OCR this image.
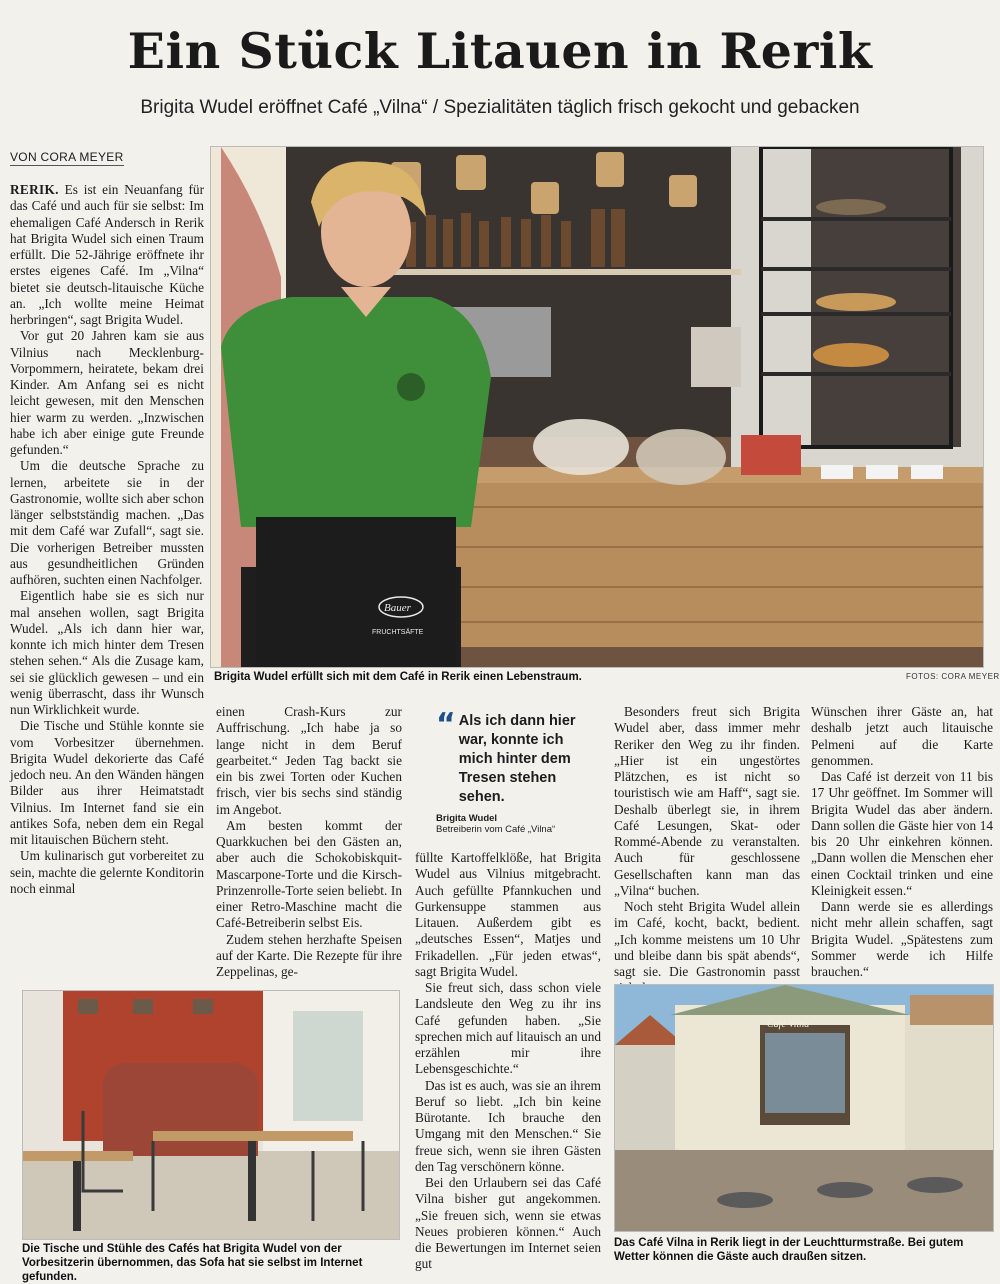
Ein Stück Litauen in Rerik
Brigita Wudel eröffnet Café „Vilna“ / Spezialitäten täglich frisch gekocht und gebacken
VON CORA MEYER

RERIK. Es ist ein Neuanfang für das Café und auch für sie selbst: Im ehemaligen Café Andersch in Rerik hat Brigita Wudel sich einen Traum erfüllt. Die 52-Jährige eröffnete ihr erstes eigenes Café. Im „Vilna“ bietet sie deutsch-litauische Küche an. „Ich wollte meine Heimat herbringen“, sagt Brigita Wudel.

Vor gut 20 Jahren kam sie aus Vilnius nach Mecklenburg-Vorpommern, heiratete, bekam drei Kinder. Am Anfang sei es nicht leicht gewesen, mit den Menschen hier warm zu werden. „Inzwischen habe ich aber einige gute Freunde gefunden.“

Um die deutsche Sprache zu lernen, arbeitete sie in der Gastronomie, wollte sich aber schon länger selbstständig machen. „Das mit dem Café war Zufall“, sagt sie. Die vorherigen Betreiber mussten aus gesundheitlichen Gründen aufhören, suchten einen Nachfolger.

Eigentlich habe sie es sich nur mal ansehen wollen, sagt Brigita Wudel. „Als ich dann hier war, konnte ich mich hinter dem Tresen stehen sehen.“ Als die Zusage kam, sei sie glücklich gewesen – und ein wenig überrascht, dass ihr Wunsch nun Wirklichkeit wurde.

Die Tische und Stühle konnte sie vom Vorbesitzer übernehmen. Brigita Wudel dekorierte das Café jedoch neu. An den Wänden hängen Bilder aus ihrer Heimatstadt Vilnius. Im Internet fand sie ein antikes Sofa, neben dem ein Regal mit litauischen Büchern steht.

Um kulinarisch gut vorbereitet zu sein, machte die gelernte Konditorin noch einmal

Bauer
FRUCHTSÄFTE
Brigita Wudel erfüllt sich mit dem Café in Rerik einen Lebenstraum.	FOTOS: CORA MEYER

einen Crash-Kurs zur Auffrischung. „Ich habe ja so lange nicht in dem Beruf gearbeitet.“ Jeden Tag backt sie ein bis zwei Torten oder Kuchen frisch, vier bis sechs sind ständig im Angebot.

Am besten kommt der Quarkkuchen bei den Gästen an, aber auch die Schokobiskquit-Mascarpone-Torte und die Kirsch-Prinzenrolle-Torte seien beliebt. In einer Retro-Maschine macht die Café-Betreiberin selbst Eis.

Zudem stehen herzhafte Speisen auf der Karte. Die Rezepte für ihre Zeppelinas, ge-

“ Als ich dann hier war, konnte ich mich hinter dem Tresen stehen sehen.
Brigita Wudel
Betreiberin vom Café „Vilna“

füllte Kartoffelklöße, hat Brigita Wudel aus Vilnius mitgebracht. Auch gefüllte Pfannkuchen und Gurkensuppe stammen aus Litauen. Außerdem gibt es „deutsches Essen“, Matjes und Frikadellen. „Für jeden etwas“, sagt Brigita Wudel.

Sie freut sich, dass schon viele Landsleute den Weg zu ihr ins Café gefunden haben. „Sie sprechen mich auf litauisch an und erzählen mir ihre Lebensgeschichte.“

Das ist es auch, was sie an ihrem Beruf so liebt. „Ich bin keine Bürotante. Ich brauche den Umgang mit den Menschen.“ Sie freue sich, wenn sie ihren Gästen den Tag verschönern könne.

Bei den Urlaubern sei das Café Vilna bisher gut angekommen. „Sie freuen sich, wenn sie etwas Neues probieren können.“ Auch die Bewertungen im Internet seien gut

Besonders freut sich Brigita Wudel aber, dass immer mehr Reriker den Weg zu ihr finden. „Hier ist ein ungestörtes Plätzchen, es ist nicht so touristisch wie am Haff“, sagt sie. Deshalb überlegt sie, in ihrem Café Lesungen, Skat- oder Rommé-Abende zu veranstalten. Auch für geschlossene Gesellschaften kann man das „Vilna“ buchen.

Noch steht Brigita Wudel allein im Café, kocht, backt, bedient. „Ich komme meistens um 10 Uhr und bleibe dann bis spät abends“, sagt sie. Die Gastronomin passt

Wünschen ihrer Gäste an, hat deshalb jetzt auch litauische Pelmeni auf die Karte genommen.

Das Café ist derzeit von 11 bis 17 Uhr geöffnet. Im Sommer will Brigita Wudel das aber ändern. Dann sollen die Gäste hier von 14 bis 20 Uhr einkehren können. „Dann wollen die Menschen eher einen Cocktail trinken und eine Kleinigkeit essen.“

Dann werde sie es allerdings nicht mehr allein schaffen, sagt Brigita Wudel. „Spätestens zum Sommer werde ich Hilfe brauchen.“

Die Tische und Stühle des Cafés hat Brigita Wudel von der Vorbesitzerin übernommen, das Sofa hat sie selbst im Internet gefunden.
Café Vilna
Das Café Vilna in Rerik liegt in der Leuchtturmstraße. Bei gutem Wetter können die Gäste auch draußen sitzen.
